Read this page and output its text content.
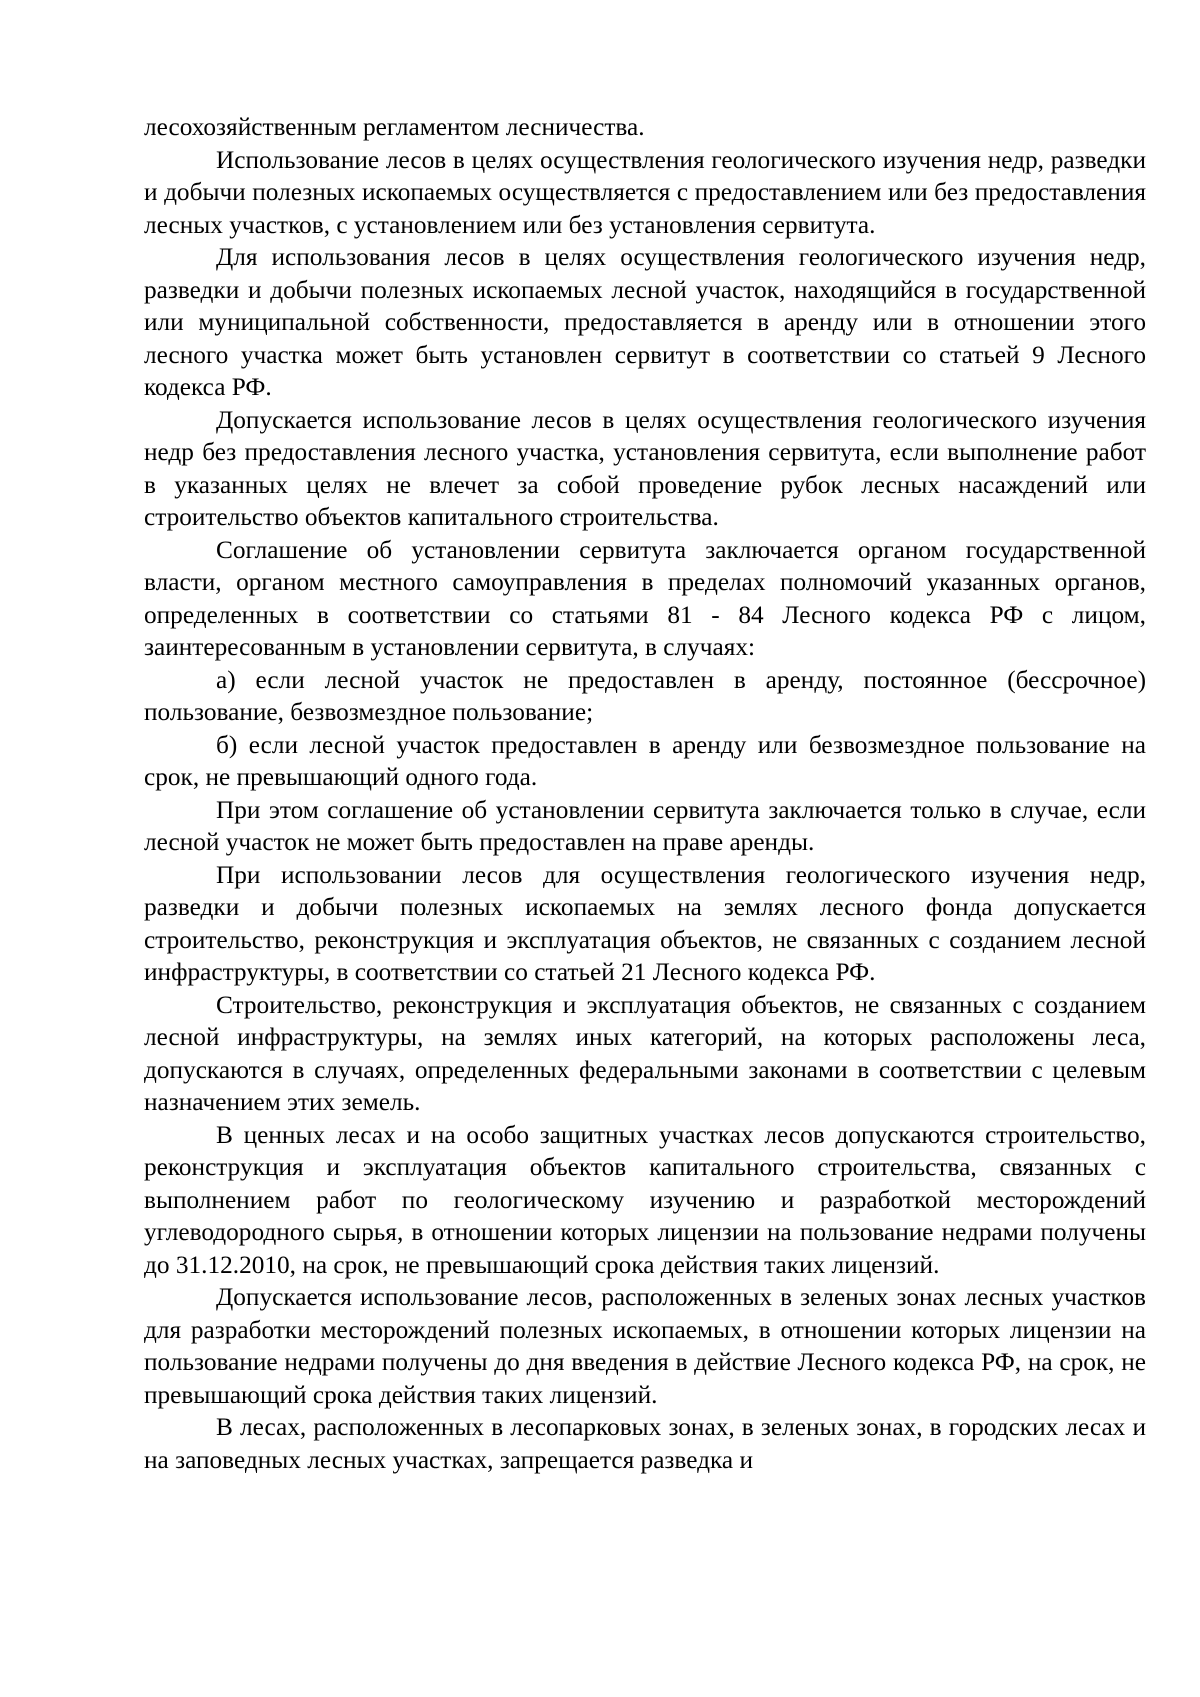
лесохозяйственным регламентом лесничества.

Использование лесов в целях осуществления геологического изучения недр, разведки и добычи полезных ископаемых осуществляется с предоставлением или без предоставления лесных участков, с установлением или без установления сервитута.

Для использования лесов в целях осуществления геологического изучения недр, разведки и добычи полезных ископаемых лесной участок, находящийся в государственной или муниципальной собственности, предоставляется в аренду или в отношении этого лесного участка может быть установлен сервитут в соответствии со статьей 9 Лесного кодекса РФ.

Допускается использование лесов в целях осуществления геологического изучения недр без предоставления лесного участка, установления сервитута, если выполнение работ в указанных целях не влечет за собой проведение рубок лесных насаждений или строительство объектов капитального строительства.

Соглашение об установлении сервитута заключается органом государственной власти, органом местного самоуправления в пределах полномочий указанных органов, определенных в соответствии со статьями 81 - 84 Лесного кодекса РФ с лицом, заинтересованным в установлении сервитута, в случаях:

а) если лесной участок не предоставлен в аренду, постоянное (бессрочное) пользование, безвозмездное пользование;

б) если лесной участок предоставлен в аренду или безвозмездное пользование на срок, не превышающий одного года.

При этом соглашение об установлении сервитута заключается только в случае, если лесной участок не может быть предоставлен на праве аренды.

При использовании лесов для осуществления геологического изучения недр, разведки и добычи полезных ископаемых на землях лесного фонда допускается строительство, реконструкция и эксплуатация объектов, не связанных с созданием лесной инфраструктуры, в соответствии со статьей 21 Лесного кодекса РФ.

Строительство, реконструкция и эксплуатация объектов, не связанных с созданием лесной инфраструктуры, на землях иных категорий, на которых расположены леса, допускаются в случаях, определенных федеральными законами в соответствии с целевым назначением этих земель.

В ценных лесах и на особо защитных участках лесов допускаются строительство, реконструкция и эксплуатация объектов капитального строительства, связанных с выполнением работ по геологическому изучению и разработкой месторождений углеводородного сырья, в отношении которых лицензии на пользование недрами получены до 31.12.2010, на срок, не превышающий срока действия таких лицензий.

Допускается использование лесов, расположенных в зеленых зонах лесных участков для разработки месторождений полезных ископаемых, в отношении которых лицензии на пользование недрами получены до дня введения в действие Лесного кодекса РФ, на срок, не превышающий срока действия таких лицензий.

В лесах, расположенных в лесопарковых зонах, в зеленых зонах, в городских лесах и на заповедных лесных участках, запрещается разведка и
